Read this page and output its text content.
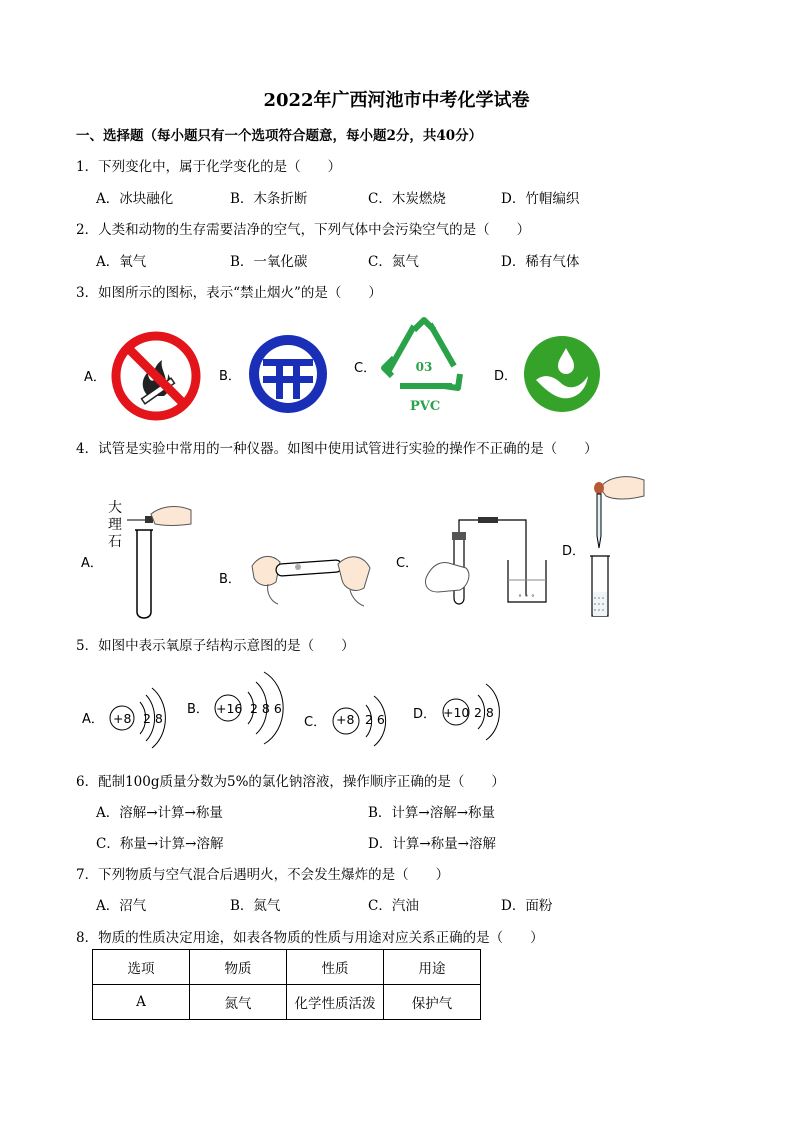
2022年广西河池市中考化学试卷
一、选择题（每小题只有一个选项符合题意，每小题2分，共40分）
1．下列变化中，属于化学变化的是（　　）
A．冰块融化	B．木条折断	C．木炭燃烧	D．竹帽编织
2．人类和动物的生存需要洁净的空气，下列气体中会污染空气的是（　　）
A．氧气	B．一氧化碳	C．氮气	D．稀有气体
3．如图所示的图标，表示“禁止烟火”的是（　　）
A．	B．
C．	03
PVC
D．
4．试管是实验中常用的一种仪器。如图中使用试管进行实验的操作不正确的是（　　）
A．
大
理
石
B．
C．
∘ ∘ ∘
D．
5．如图中表示氧原子结构示意图的是（　　）
A． +8 2 8
B． +16 2 8 6
C． +8 2 6 D． +10 2 8
6．配制100g质量分数为5%的氯化钠溶液，操作顺序正确的是（　　）
A．溶解→计算→称量	B．计算→溶解→称量
C．称量→计算→溶解	D．计算→称量→溶解
7．下列物质与空气混合后遇明火，不会发生爆炸的是（　　）
A．沼气	B．氮气	C．汽油	D．面粉
8．物质的性质决定用途，如表各物质的性质与用途对应关系正确的是（　　）
选项	物质	性质	用途
A	氮气	化学性质活泼	保护气
